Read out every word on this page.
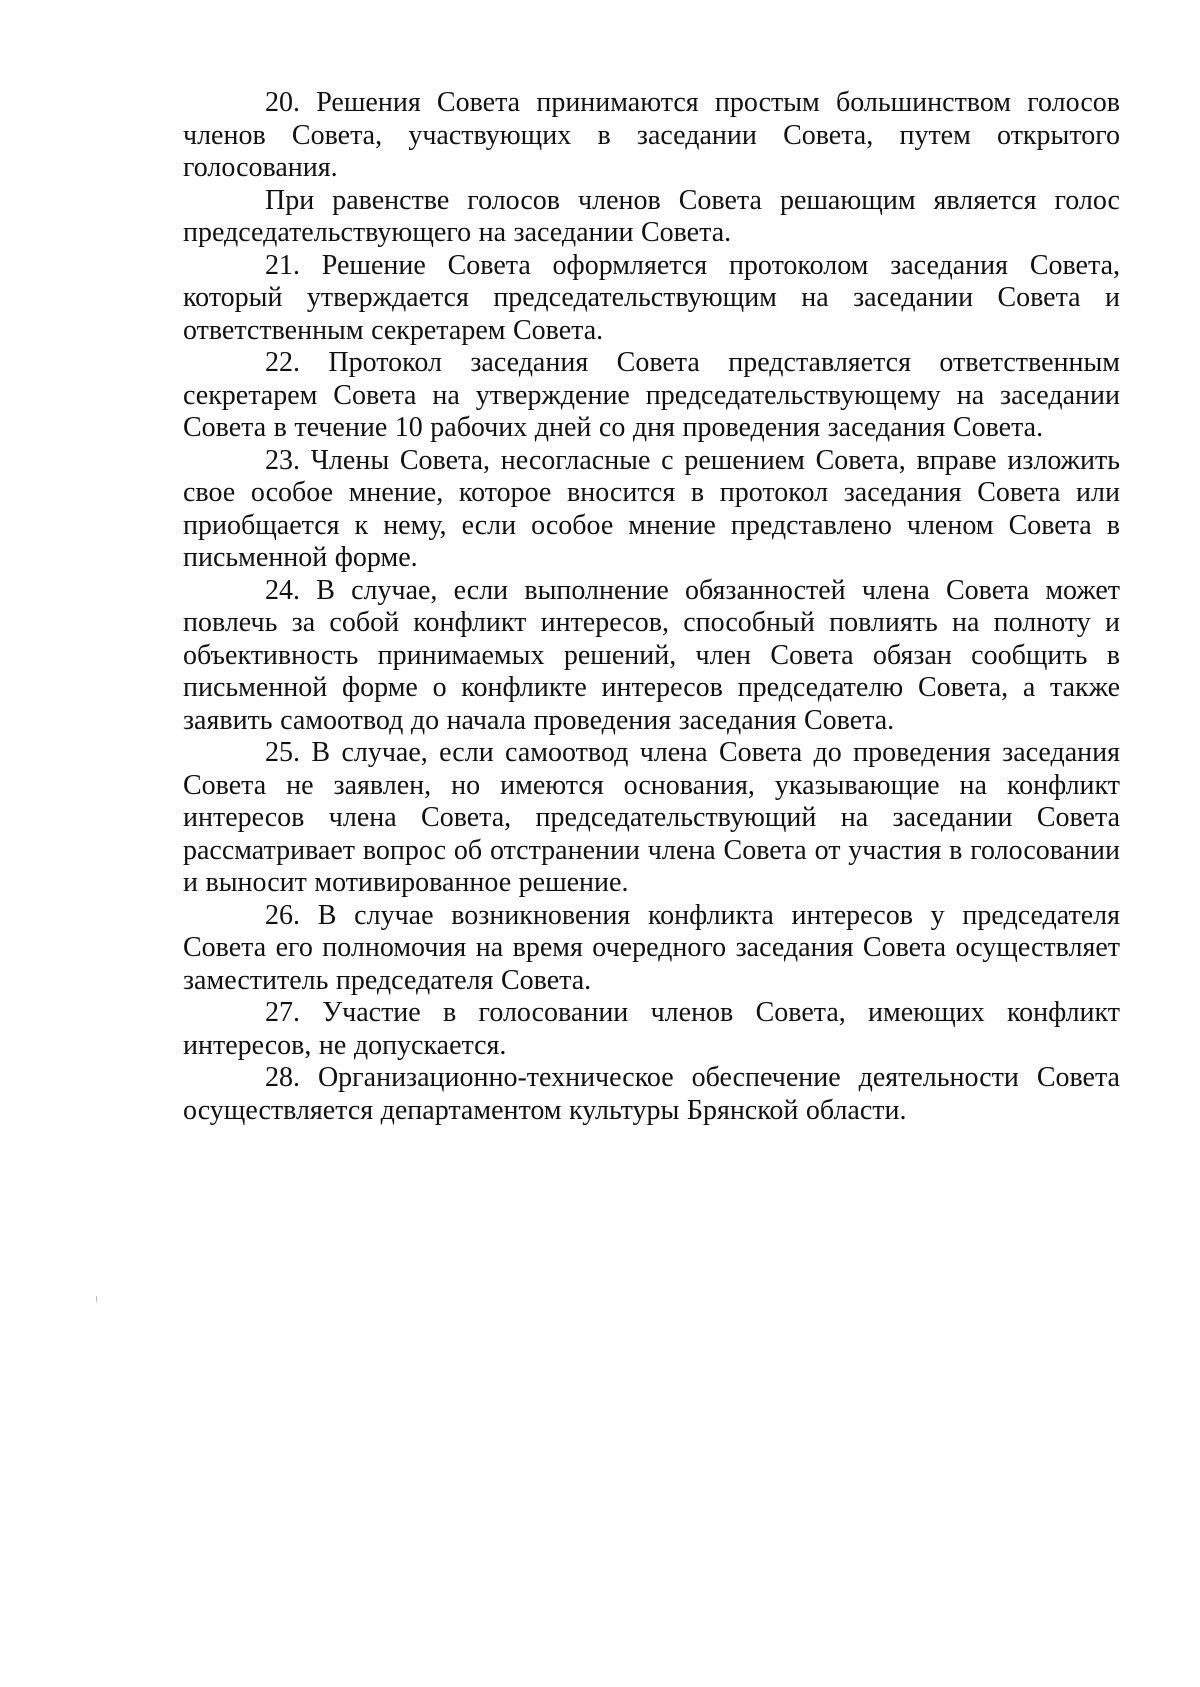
20. Решения Совета принимаются простым большинством голосов членов Совета, участвующих в заседании Совета, путем открытого голосования.

При равенстве голосов членов Совета решающим является голос председательствующего на заседании Совета.

21. Решение Совета оформляется протоколом заседания Совета, который утверждается председательствующим на заседании Совета и ответственным секретарем Совета.

22. Протокол заседания Совета представляется ответственным секретарем Совета на утверждение председательствующему на заседании Совета в течение 10 рабочих дней со дня проведения заседания Совета.

23. Члены Совета, несогласные с решением Совета, вправе изложить свое особое мнение, которое вносится в протокол заседания Совета или приобщается к нему, если особое мнение представлено членом Совета в письменной форме.

24. В случае, если выполнение обязанностей члена Совета может повлечь за собой конфликт интересов, способный повлиять на полноту и объективность принимаемых решений, член Совета обязан сообщить в письменной форме о конфликте интересов председателю Совета, а также заявить самоотвод до начала проведения заседания Совета.

25. В случае, если самоотвод члена Совета до проведения заседания Совета не заявлен, но имеются основания, указывающие на конфликт интересов члена Совета, председательствующий на заседании Совета рассматривает вопрос об отстранении члена Совета от участия в голосовании и выносит мотивированное решение.

26. В случае возникновения конфликта интересов у председателя Совета его полномочия на время очередного заседания Совета осуществляет заместитель председателя Совета.

27. Участие в голосовании членов Совета, имеющих конфликт интересов, не допускается.

28. Организационно-техническое обеспечение деятельности Совета осуществляется департаментом культуры Брянской области.
